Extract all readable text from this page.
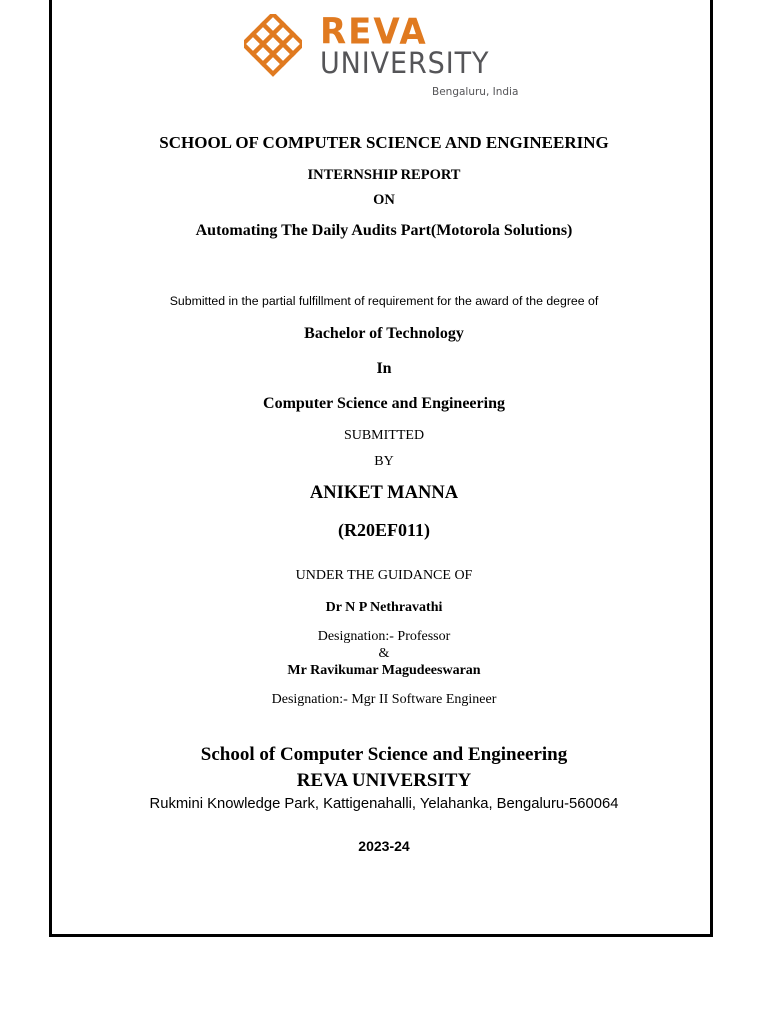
REVA
UNIVERSITY
Bengaluru, India
SCHOOL OF COMPUTER SCIENCE AND ENGINEERING
INTERNSHIP REPORT
ON
Automating The Daily Audits Part(Motorola Solutions)
Submitted in the partial fulfillment of requirement for the award of the degree of
Bachelor of Technology
In
Computer Science and Engineering
SUBMITTED
BY
ANIKET MANNA
(R20EF011)
UNDER THE GUIDANCE OF
Dr N P Nethravathi
Designation:- Professor
&
Mr Ravikumar Magudeeswaran
Designation:- Mgr II Software Engineer
School of Computer Science and Engineering
REVA UNIVERSITY
Rukmini Knowledge Park, Kattigenahalli, Yelahanka, Bengaluru-560064
2023-24
